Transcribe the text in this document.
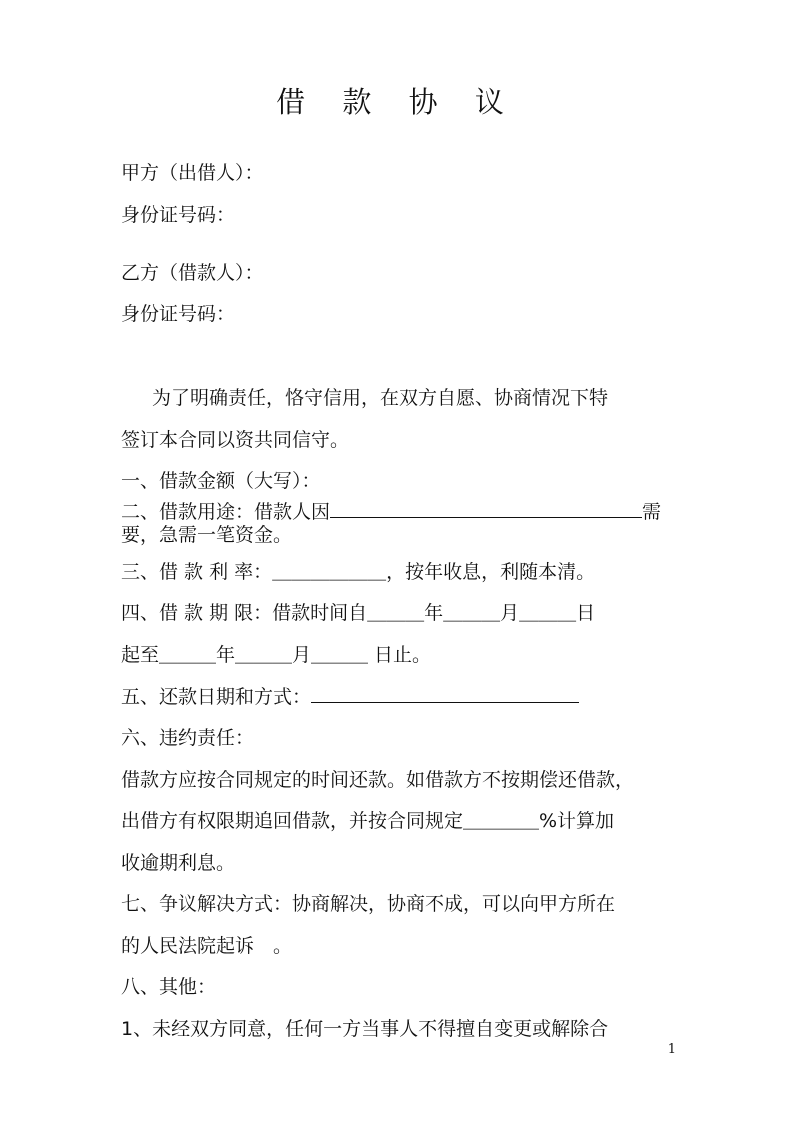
借 款 协 议

甲方（出借人）：

身份证号码：

乙方（借款人）：

身份证号码：

为了明确责任，恪守信用，在双方自愿、协商情况下特

签订本合同以资共同信守。

一、借款金额（大写）：

二、借款用途：借款人因	需

要，急需一笔资金。

三、借 款 利 率：＿＿＿＿＿＿，按年收息，利随本清。

四、借 款 期 限：借款时间自＿＿＿年＿＿＿月＿＿＿日

起至＿＿＿年＿＿＿月＿＿＿ 日止。

五、还款日期和方式：

六、违约责任：

借款方应按合同规定的时间还款。如借款方不按期偿还借款，

出借方有权限期追回借款，并按合同规定＿＿＿＿%计算加

收逾期利息。

七、争议解决方式：协商解决，协商不成，可以向甲方所在

的人民法院起诉　。

八、其他：

1、未经双方同意，任何一方当事人不得擅自变更或解除合

1
